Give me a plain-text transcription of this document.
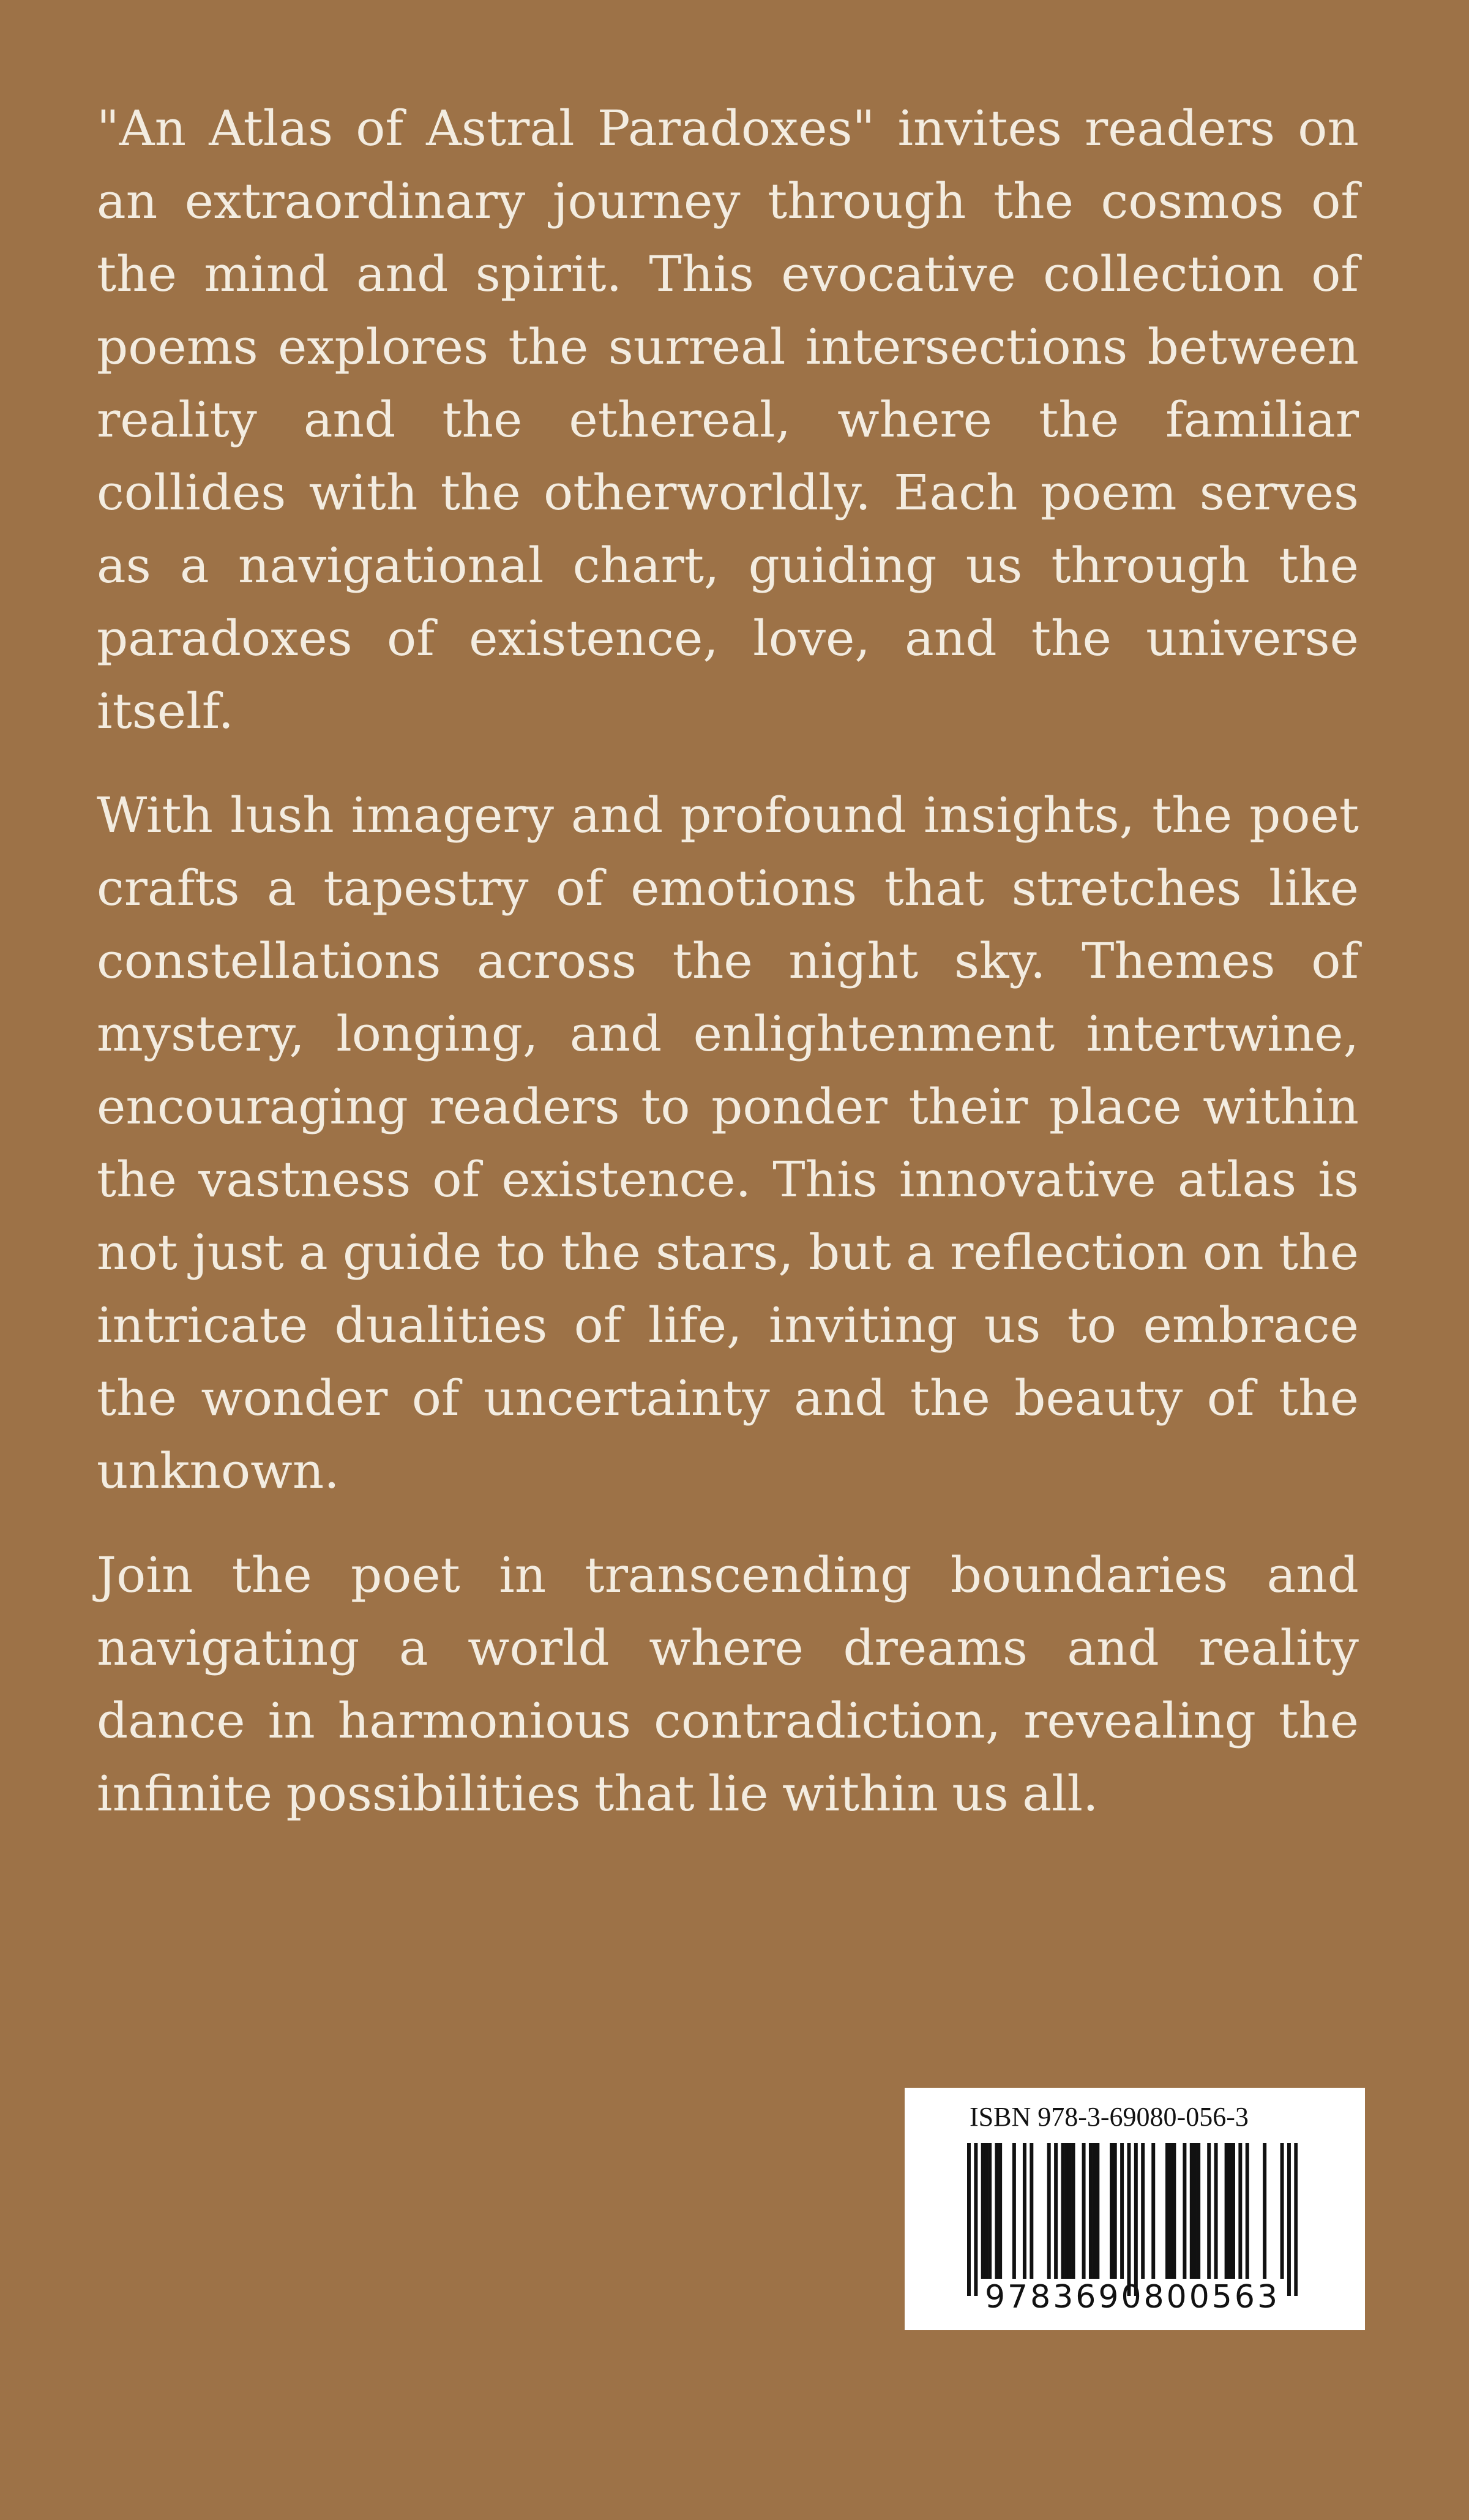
"An Atlas of Astral Paradoxes" invites readers on an extraordinary journey through the cosmos of the mind and spirit. This evocative collection of poems explores the surreal intersections between reality and the ethereal, where the familiar collides with the otherworldly. Each poem serves as a navigational chart, guiding us through the paradoxes of existence, love, and the universe itself.

With lush imagery and profound insights, the poet crafts a tapestry of emotions that stretches like constellations across the night sky. Themes of mystery, longing, and enlightenment intertwine, encouraging readers to ponder their place within the vastness of existence. This innovative atlas is not just a guide to the stars, but a reflection on the intricate dualities of life, inviting us to embrace the wonder of uncertainty and the beauty of the unknown.

Join the poet in transcending boundaries and navigating a world where dreams and reality dance in harmonious contradiction, revealing the infinite possibilities that lie within us all.

ISBN 978-3-69080-056-3
9783690800563
